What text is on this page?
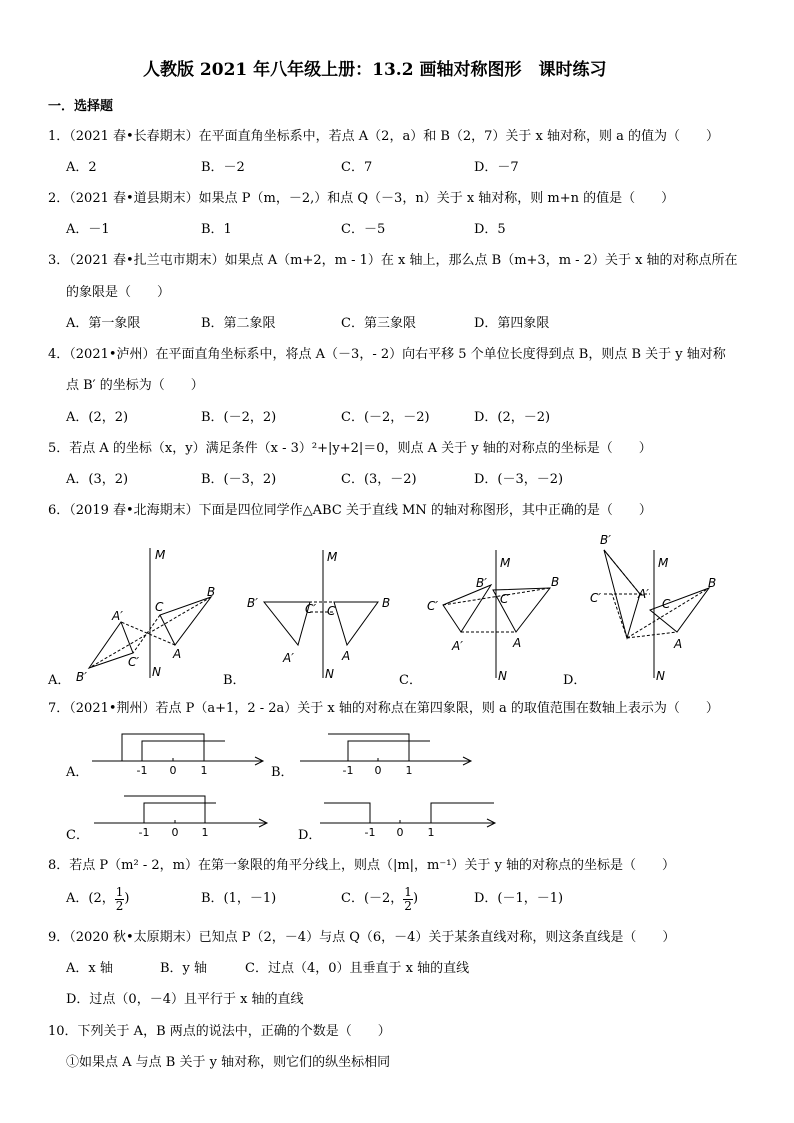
人教版 2021 年八年级上册：13.2 画轴对称图形　课时练习
一．选择题
1．（2021 春•长春期末）在平面直角坐标系中，若点 A（2，a）和 B（2，7）关于 x 轴对称，则 a 的值为（　　）
A．2	B．－2	C．7	D．－7
2．（2021 春•道县期末）如果点 P（m，－2,）和点 Q（－3，n）关于 x 轴对称，则 m+n 的值是（　　）
A．－1	B．1	C．－5	D．5
3．（2021 春•扎兰屯市期末）如果点 A（m+2，m - 1）在 x 轴上，那么点 B（m+3，m - 2）关于 x 轴的对称点所在
的象限是（　　）
A．第一象限	B．第二象限	C．第三象限	D．第四象限
4．（2021•泸州）在平面直角坐标系中，将点 A（－3，- 2）向右平移 5 个单位长度得到点 B，则点 B 关于 y 轴对称
点 B′ 的坐标为（　　）
A．(2，2)	B．(－2，2)	C．(－2，－2)	D．(2，－2)
5．若点 A 的坐标（x，y）满足条件（x - 3）²+|y+2|＝0，则点 A 关于 y 轴的对称点的坐标是（　　）
A．(3，2)	B．(－3，2)	C．(3，－2)	D．(－3，－2)
6．（2019 春•北海期末）下面是四位同学作△ABC 关于直线 MN 的轴对称图形，其中正确的是（　　）
M
N
B
C
A
A′
C′
B′
M
N
B
C
A
B′	C′
A′
M
N
B
C
A
B′
C′
A′
M
N
B
C
A
B′
C′	A′
A．	B．	C．	D．
7．（2021•荆州）若点 P（a+1，2 - 2a）关于 x 轴的对称点在第四象限，则 a 的取值范围在数轴上表示为（　　）
-1 0 1	-1 0 1
-1 0 1	-1 0 1
A．	B．
C．	D．
8．若点 P（m² - 2，m）在第一象限的角平分线上，则点（|m|，m⁻¹）关于 y 轴的对称点的坐标是（　　）
A．(2， $\frac{1}{2}$ )	B．(1，－1)	C．(－2， $\frac{1}{2}$ )	D．(－1，－1)
9．（2020 秋•太原期末）已知点 P（2，－4）与点 Q（6，－4）关于某条直线对称，则这条直线是（　　）
A．x 轴	B．y 轴	C．过点（4，0）且垂直于 x 轴的直线
D．过点（0，－4）且平行于 x 轴的直线
10．下列关于 A，B 两点的说法中，正确的个数是（　　）
①如果点 A 与点 B 关于 y 轴对称，则它们的纵坐标相同
